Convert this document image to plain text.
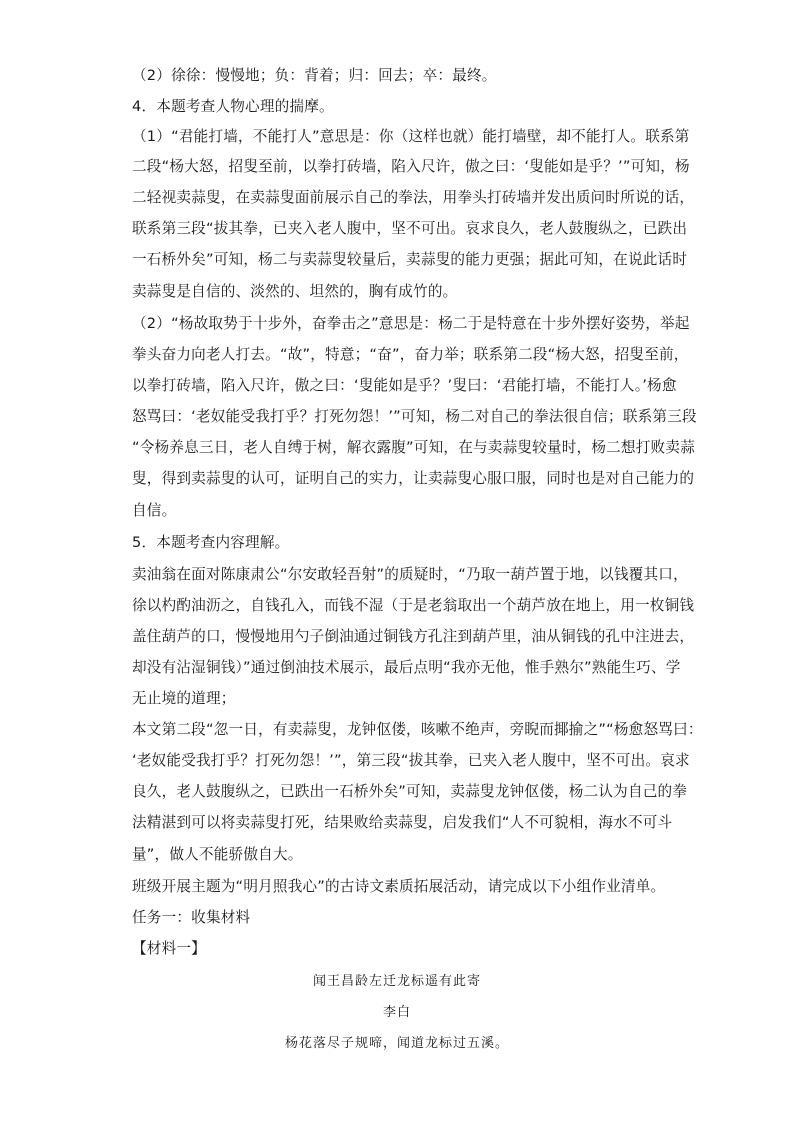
（2）徐徐：慢慢地；负：背着；归：回去；卒：最终。
4．本题考查人物心理的揣摩。
（1）“君能打墙，不能打人”意思是：你（这样也就）能打墙壁，却不能打人。联系第
二段“杨大怒，招叟至前，以拳打砖墙，陷入尺许，傲之曰：‘叟能如是乎？’”可知，杨
二轻视卖蒜叟，在卖蒜叟面前展示自己的拳法，用拳头打砖墙并发出质问时所说的话，
联系第三段“拔其拳，已夹入老人腹中，坚不可出。哀求良久，老人鼓腹纵之，已跌出
一石桥外矣”可知，杨二与卖蒜叟较量后，卖蒜叟的能力更强；据此可知，在说此话时
卖蒜叟是自信的、淡然的、坦然的，胸有成竹的。
（2）“杨故取势于十步外，奋拳击之”意思是：杨二于是特意在十步外摆好姿势，举起
拳头奋力向老人打去。“故”，特意；“奋”，奋力举；联系第二段“杨大怒，招叟至前，
以拳打砖墙，陷入尺许，傲之曰：‘叟能如是乎？’叟曰：‘君能打墙，不能打人。’杨愈
怒骂曰：‘老奴能受我打乎？打死勿怨！’”可知，杨二对自己的拳法很自信；联系第三段
“令杨养息三日，老人自缚于树，解衣露腹”可知，在与卖蒜叟较量时，杨二想打败卖蒜
叟，得到卖蒜叟的认可，证明自己的实力，让卖蒜叟心服口服，同时也是对自己能力的
自信。
5．本题考查内容理解。
卖油翁在面对陈康肃公“尔安敢轻吾射”的质疑时，“乃取一葫芦置于地，以钱覆其口，
徐以杓酌油沥之，自钱孔入，而钱不湿（于是老翁取出一个葫芦放在地上，用一枚铜钱
盖住葫芦的口，慢慢地用勺子倒油通过铜钱方孔注到葫芦里，油从铜钱的孔中注进去，
却没有沾湿铜钱）”通过倒油技术展示，最后点明“我亦无他，惟手熟尔”熟能生巧、学
无止境的道理；
本文第二段“忽一日，有卖蒜叟，龙钟伛偻，咳嗽不绝声，旁睨而揶揄之”“杨愈怒骂曰：
‘老奴能受我打乎？打死勿怨！’”，第三段“拔其拳，已夹入老人腹中，坚不可出。哀求
良久，老人鼓腹纵之，已跌出一石桥外矣”可知，卖蒜叟龙钟伛偻，杨二认为自己的拳
法精湛到可以将卖蒜叟打死，结果败给卖蒜叟，启发我们“人不可貌相，海水不可斗
量”，做人不能骄傲自大。
班级开展主题为“明月照我心”的古诗文素质拓展活动，请完成以下小组作业清单。
任务一：收集材料
【材料一】
闻王昌龄左迁龙标遥有此寄
李白
杨花落尽子规啼，闻道龙标过五溪。
